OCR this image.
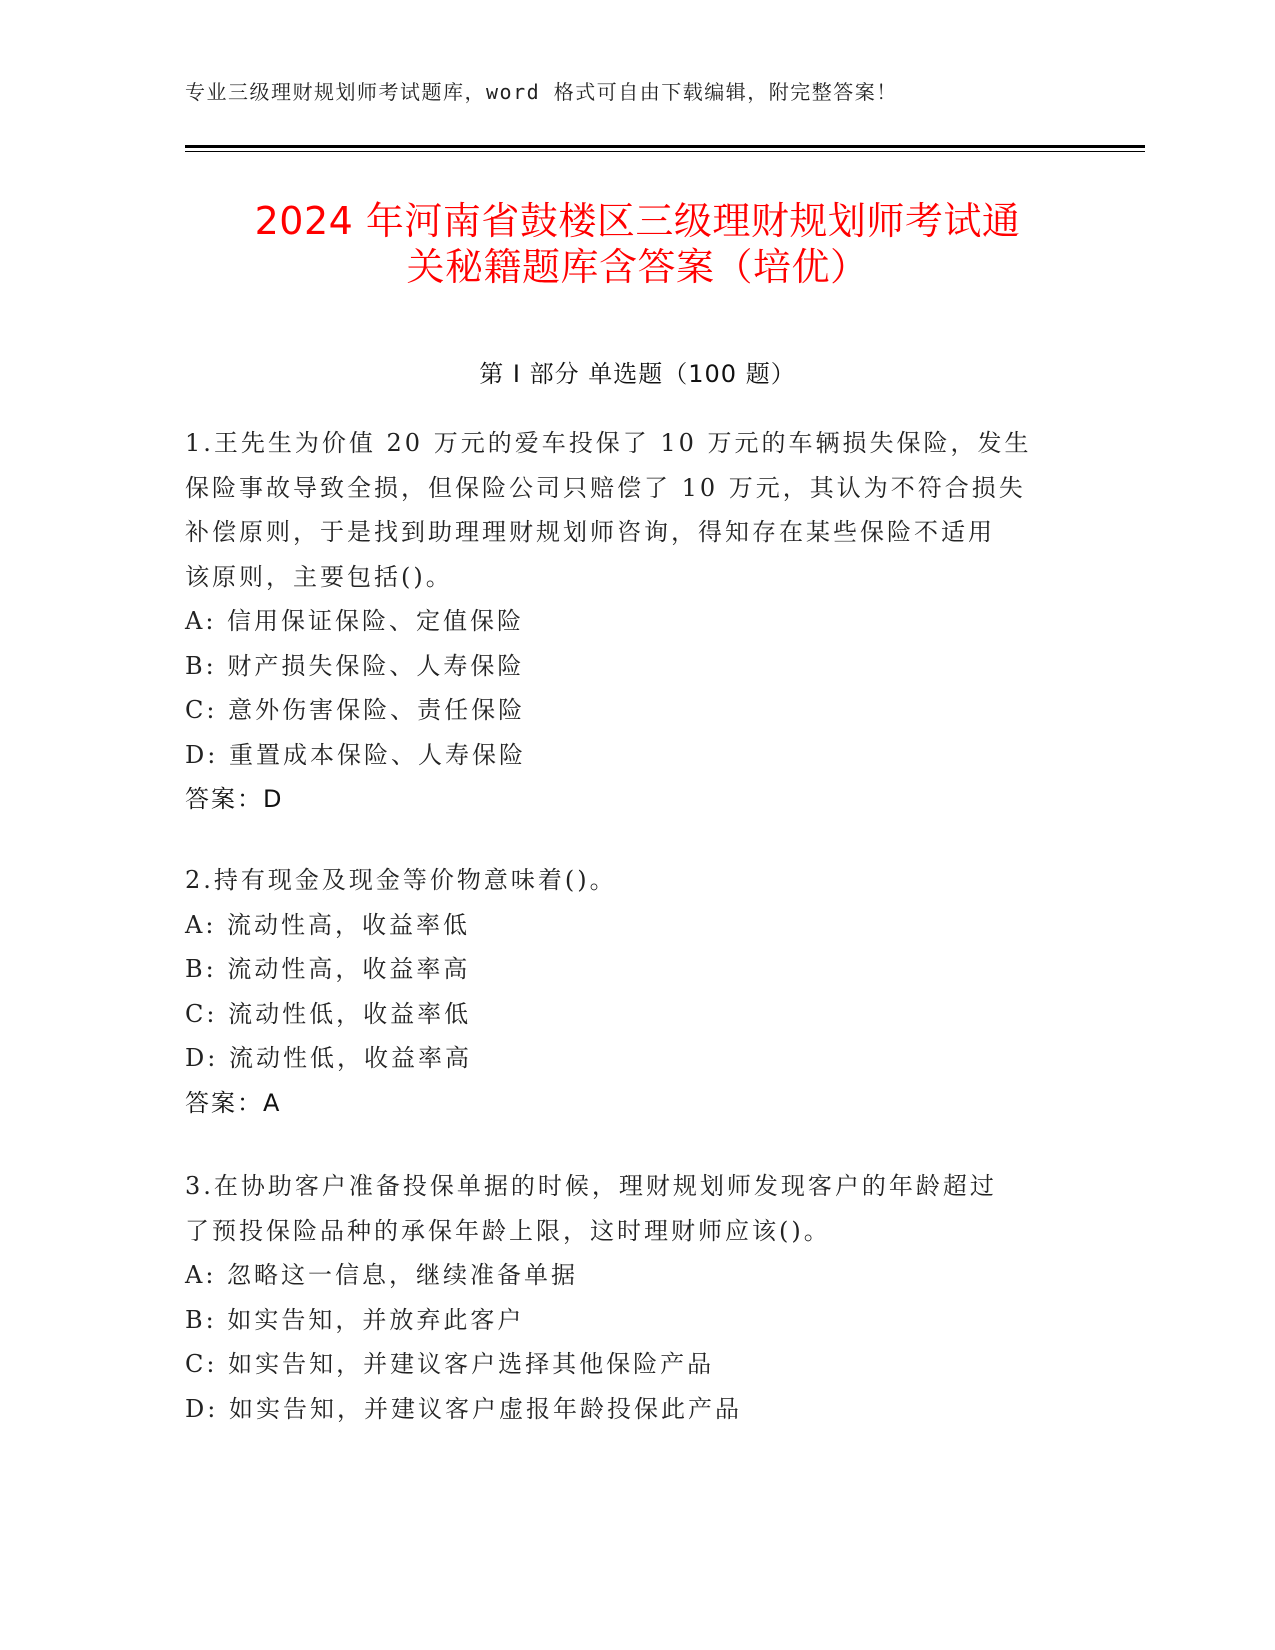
专业三级理财规划师考试题库，word 格式可自由下载编辑，附完整答案！
2024 年河南省鼓楼区三级理财规划师考试通
关秘籍题库含答案（培优）
第 I 部分 单选题（100 题）
1.王先生为价值 20 万元的爱车投保了 10 万元的车辆损失保险，发生
保险事故导致全损，但保险公司只赔偿了 10 万元，其认为不符合损失
补偿原则，于是找到助理理财规划师咨询，得知存在某些保险不适用
该原则，主要包括()。
A: 信用保证保险、定值保险
B: 财产损失保险、人寿保险
C: 意外伤害保险、责任保险
D: 重置成本保险、人寿保险
答案：D
2.持有现金及现金等价物意味着()。
A: 流动性高，收益率低
B: 流动性高，收益率高
C: 流动性低，收益率低
D: 流动性低，收益率高
答案：A
3.在协助客户准备投保单据的时候，理财规划师发现客户的年龄超过
了预投保险品种的承保年龄上限，这时理财师应该()。
A: 忽略这一信息，继续准备单据
B: 如实告知，并放弃此客户
C: 如实告知，并建议客户选择其他保险产品
D: 如实告知，并建议客户虚报年龄投保此产品
